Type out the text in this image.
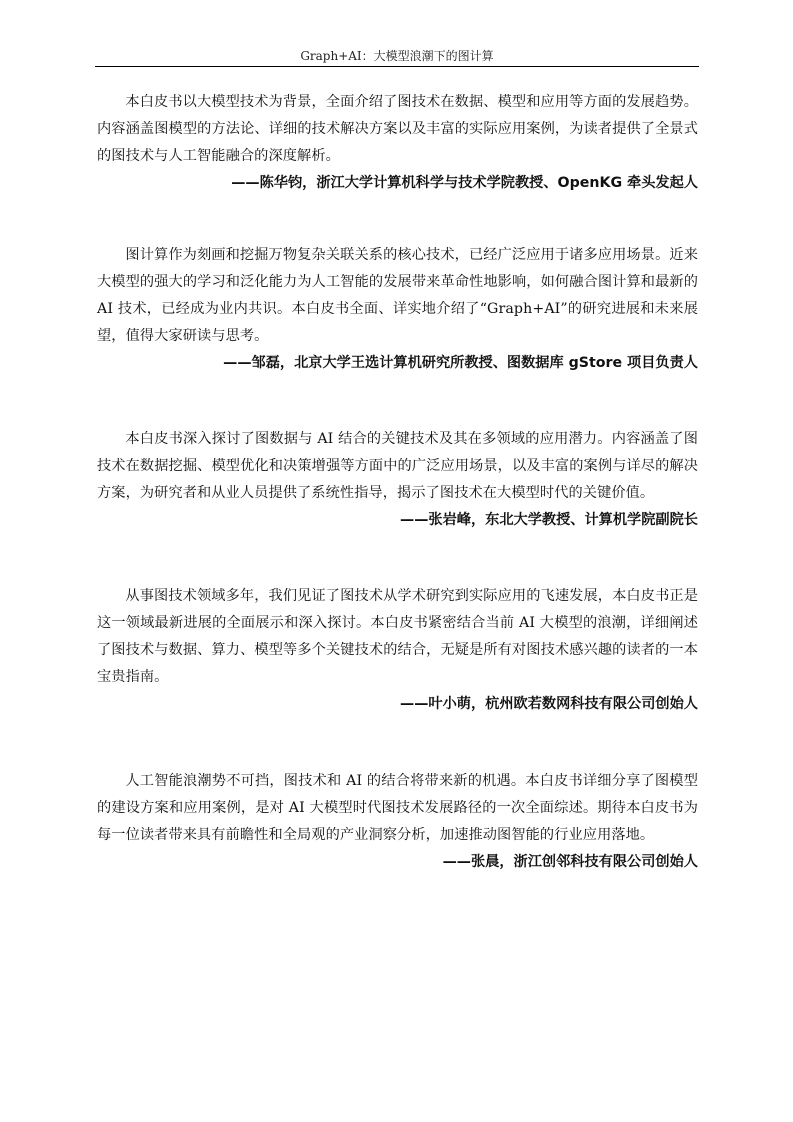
Graph+AI：大模型浪潮下的图计算

本白皮书以大模型技术为背景，全面介绍了图技术在数据、模型和应用等方面的发展趋势。内容涵盖图模型的方法论、详细的技术解决方案以及丰富的实际应用案例，为读者提供了全景式的图技术与人工智能融合的深度解析。

——陈华钧，浙江大学计算机科学与技术学院教授、OpenKG 牵头发起人

图计算作为刻画和挖掘万物复杂关联关系的核心技术，已经广泛应用于诸多应用场景。近来大模型的强大的学习和泛化能力为人工智能的发展带来革命性地影响，如何融合图计算和最新的 AI 技术，已经成为业内共识。本白皮书全面、详实地介绍了“Graph+AI”的研究进展和未来展望，值得大家研读与思考。

——邹磊，北京大学王选计算机研究所教授、图数据库 gStore 项目负责人

本白皮书深入探讨了图数据与 AI 结合的关键技术及其在多领域的应用潜力。内容涵盖了图技术在数据挖掘、模型优化和决策增强等方面中的广泛应用场景，以及丰富的案例与详尽的解决方案，为研究者和从业人员提供了系统性指导，揭示了图技术在大模型时代的关键价值。

——张岩峰，东北大学教授、计算机学院副院长

从事图技术领域多年，我们见证了图技术从学术研究到实际应用的飞速发展，本白皮书正是这一领域最新进展的全面展示和深入探讨。本白皮书紧密结合当前 AI 大模型的浪潮，详细阐述了图技术与数据、算力、模型等多个关键技术的结合，无疑是所有对图技术感兴趣的读者的一本宝贵指南。

——叶小萌，杭州欧若数网科技有限公司创始人

人工智能浪潮势不可挡，图技术和 AI 的结合将带来新的机遇。本白皮书详细分享了图模型的建设方案和应用案例，是对 AI 大模型时代图技术发展路径的一次全面综述。期待本白皮书为每一位读者带来具有前瞻性和全局观的产业洞察分析，加速推动图智能的行业应用落地。

——张晨，浙江创邻科技有限公司创始人
